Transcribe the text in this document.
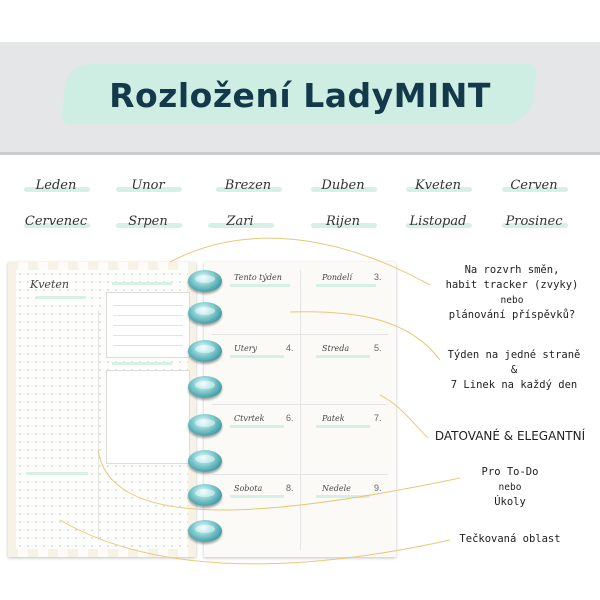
Rozložení LadyMINT
Leden	Unor	Brezen	Duben	Kveten	Cerven
Cervenec	Srpen	Zari	Rijen	Listopad	Prosinec
Kveten
Tento týden	Pondelí 3.
Utery	4.	Streda	5.
Ctvrtek 6.	Patek	7.
Sobota	8.	Nedele	9.
Na rozvrh směn,
habit tracker (zvyky)
nebo
plánování příspěvků?
Týden na jedné straně
&
7 Linek na každý den
DATOVANÉ & ELEGANTNÍ
Pro To-Do
nebo
Úkoly
Tečkovaná oblast
